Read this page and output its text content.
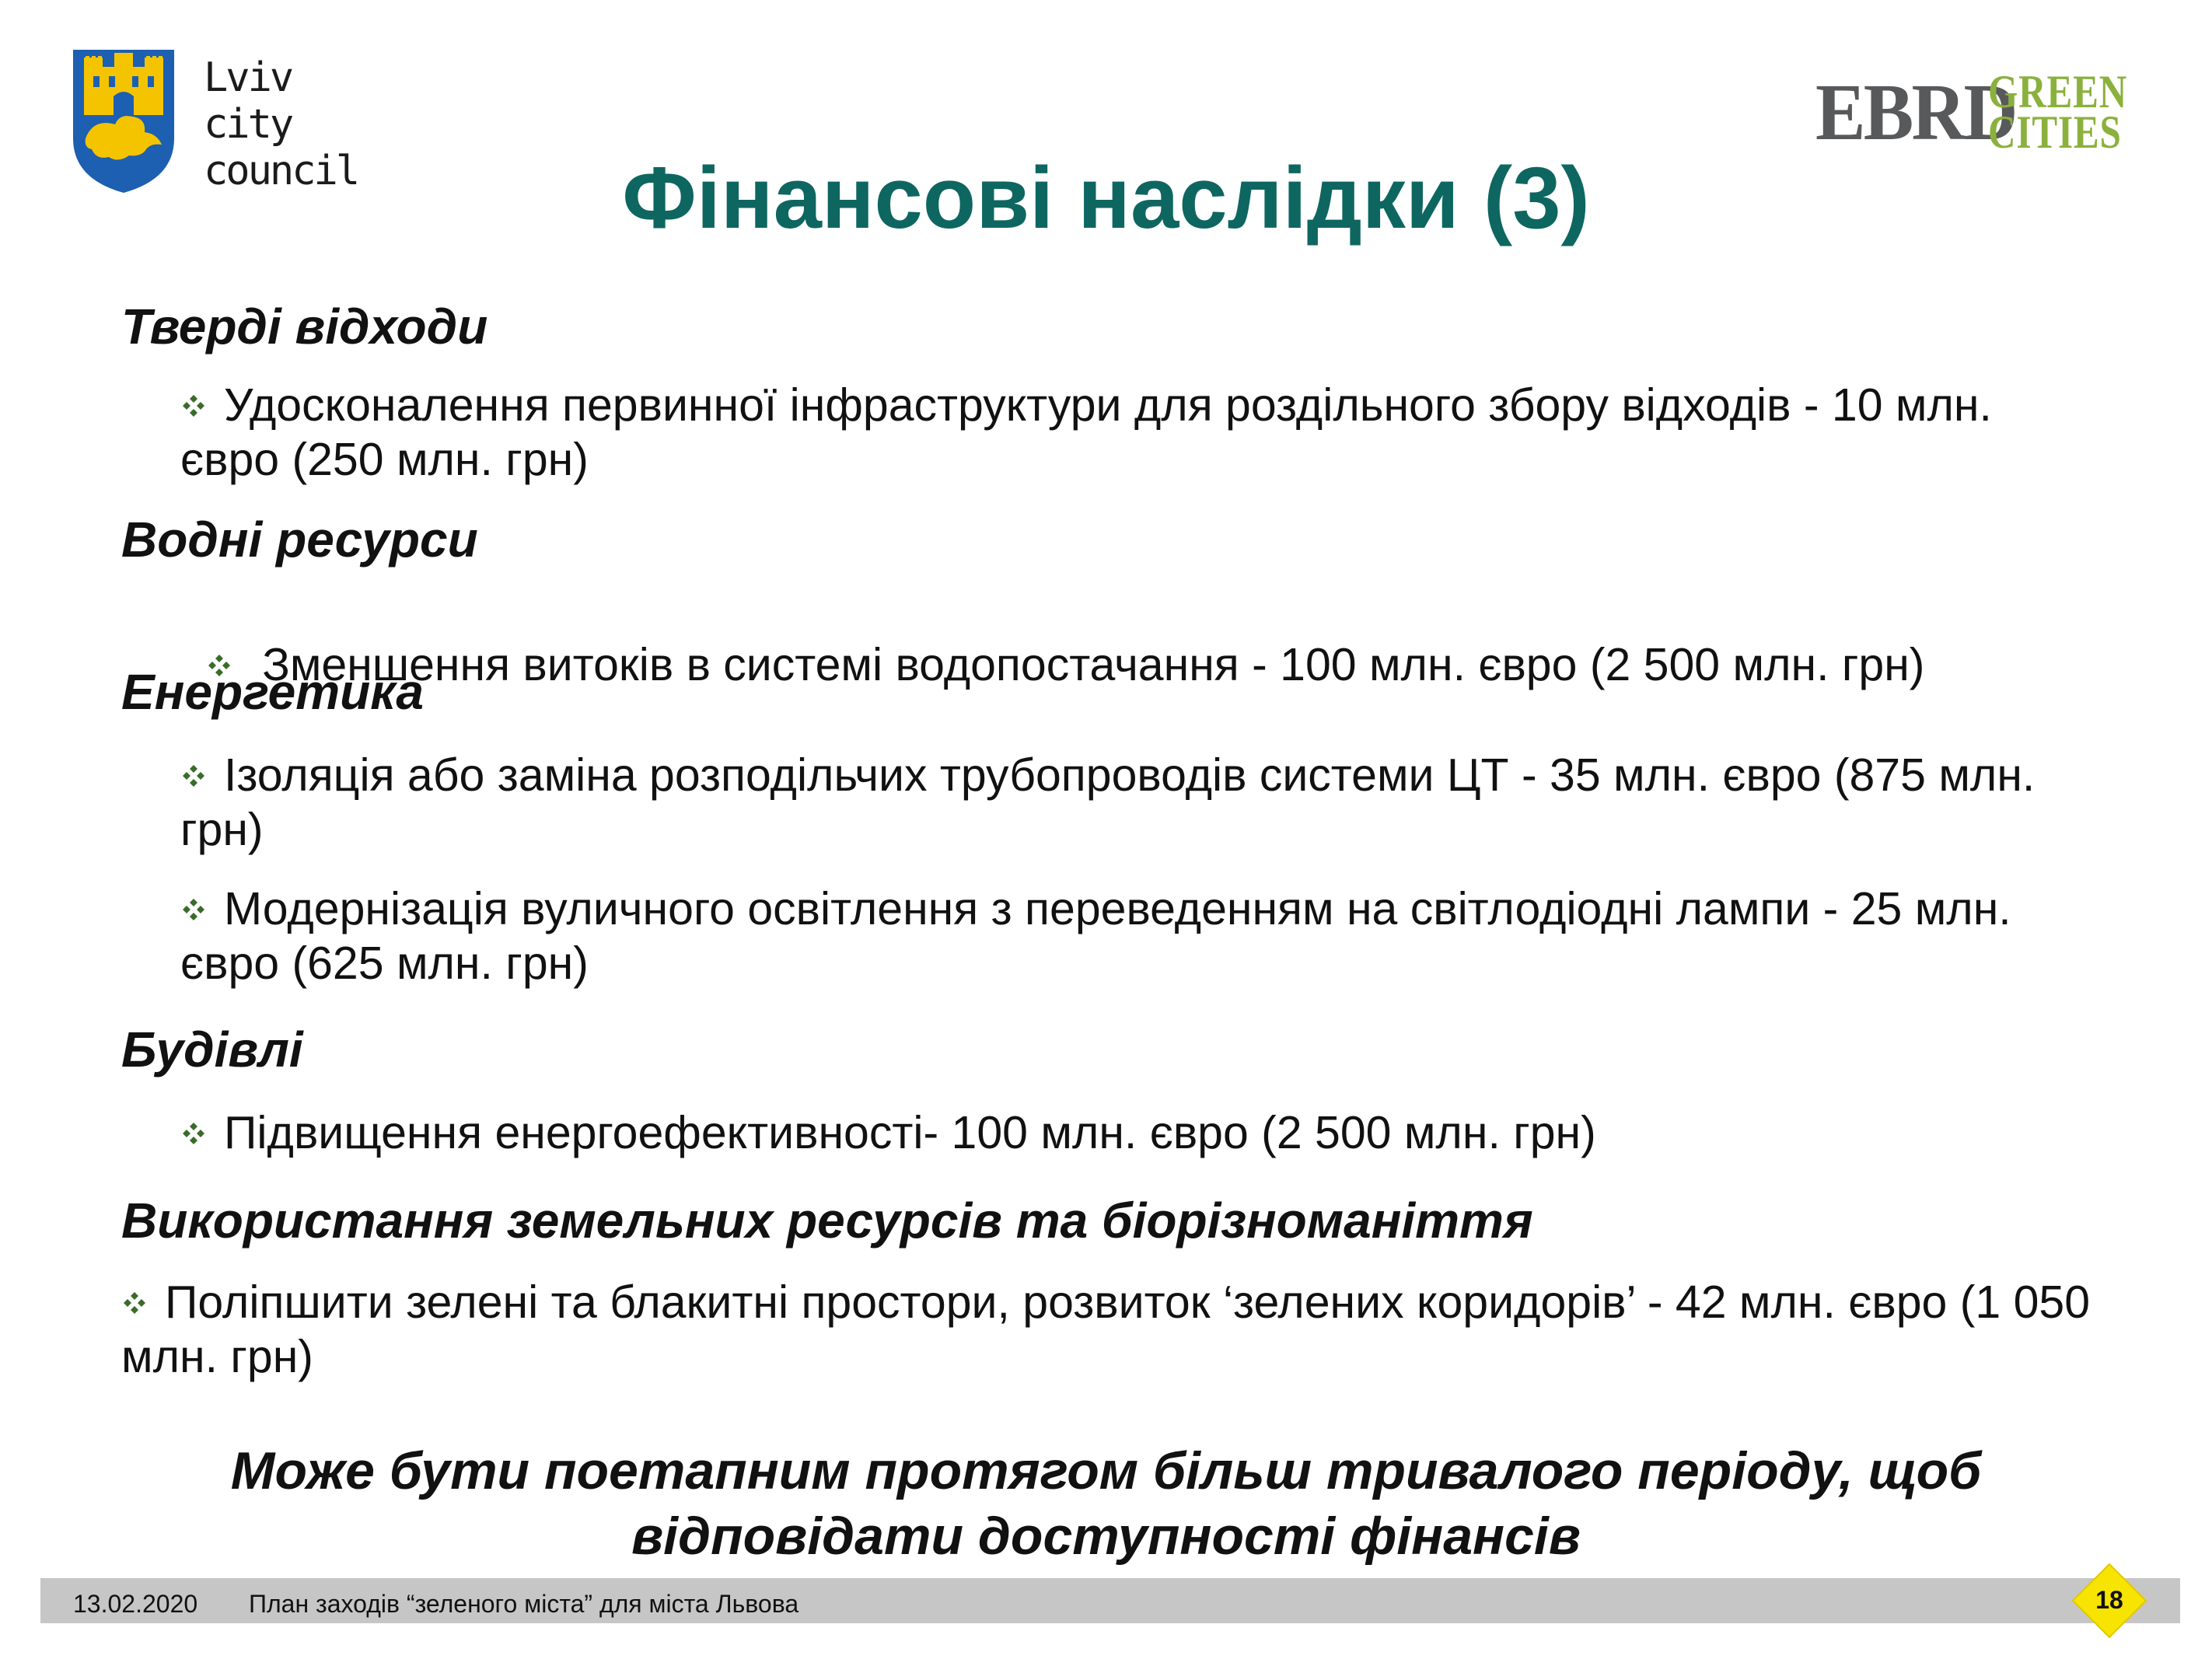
Lviv city
council
EBRD
GREEN
CITIES
Фінансові наслідки (3)
Тверді відходи
Удосконалення первинної інфраструктури для роздільного збору відходів - 10 млн. євро (250 млн. грн)
Водні ресурси

Зменшення витоків в системі водопостачання - 100 млн. євро (2 500 млн. грн)

Енергетика
Ізоляція або заміна розподільчих трубопроводів системи ЦТ - 35 млн. євро (875 млн. грн)
Модернізація вуличного освітлення з переведенням на світлодіодні лампи - 25 млн. євро (625 млн. грн)
Будівлі
Підвищення енергоефективності- 100 млн. євро (2 500 млн. грн)
Використання земельних ресурсів та біорізноманіття
Поліпшити зелені та блакитні простори, розвиток ‘зелених коридорів’ - 42 млн. євро (1 050 млн. грн)
Може бути поетапним протягом більш тривалого періоду, щоб відповідати доступності фінансів
13.02.2020 План заходів “зеленого міста” для міста Львова	18
